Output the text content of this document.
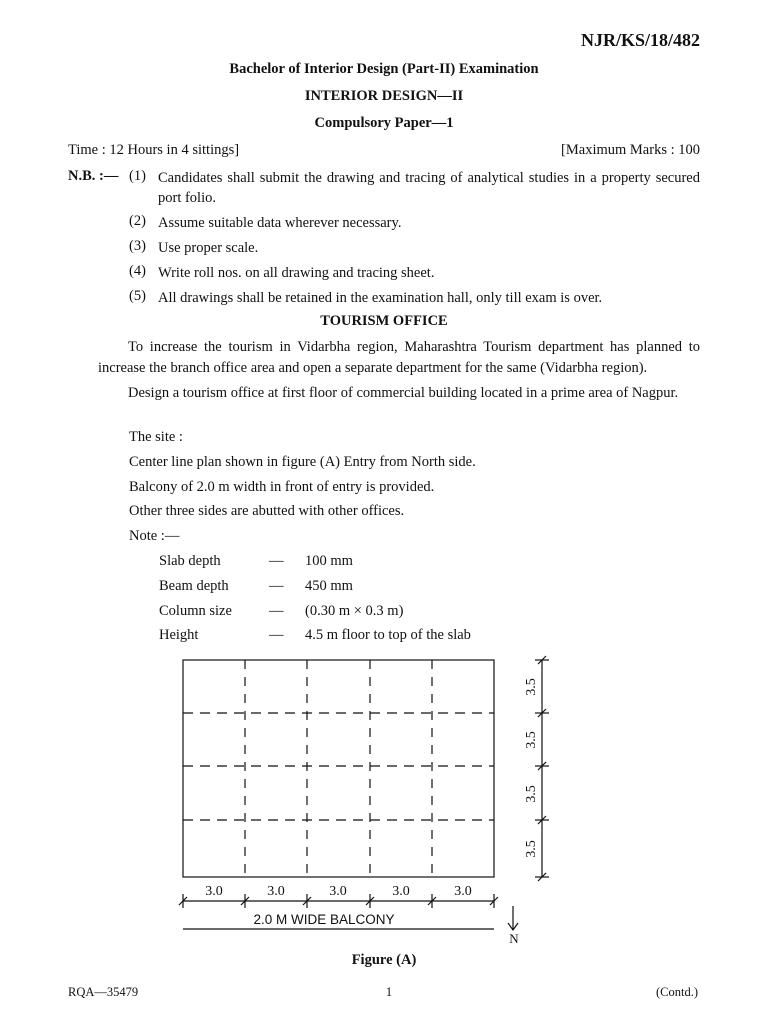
NJR/KS/18/482
Bachelor of Interior Design (Part-II) Examination
INTERIOR DESIGN—II
Compulsory Paper—1
Time : 12 Hours in 4 sittings]	[Maximum Marks : 100
N.B. :— (1) Candidates shall submit the drawing and tracing of analytical studies in a property secured port folio.
(2) Assume suitable data wherever necessary.
(3) Use proper scale.
(4) Write roll nos. on all drawing and tracing sheet.
(5) All drawings shall be retained in the examination hall, only till exam is over.
TOURISM OFFICE
To increase the tourism in Vidarbha region, Maharashtra Tourism department has planned to increase the branch office area and open a separate department for the same (Vidarbha region).
Design a tourism office at first floor of commercial building located in a prime area of Nagpur.
The site :
Center line plan shown in figure (A) Entry from North side.
Balcony of 2.0 m width in front of entry is provided.
Other three sides are abutted with other offices.
Note :—
Slab depth	—	100 mm
Beam depth	—	450 mm
Column size	—	(0.30 m × 0.3 m)
Height	—	4.5 m floor to top of the slab
3.0	3.0	3.0	3.0	3.0
3.5
3.5
3.5
3.5
2.0 M WIDE BALCONY
N
Figure (A)
RQA—35479	1	(Contd.)
